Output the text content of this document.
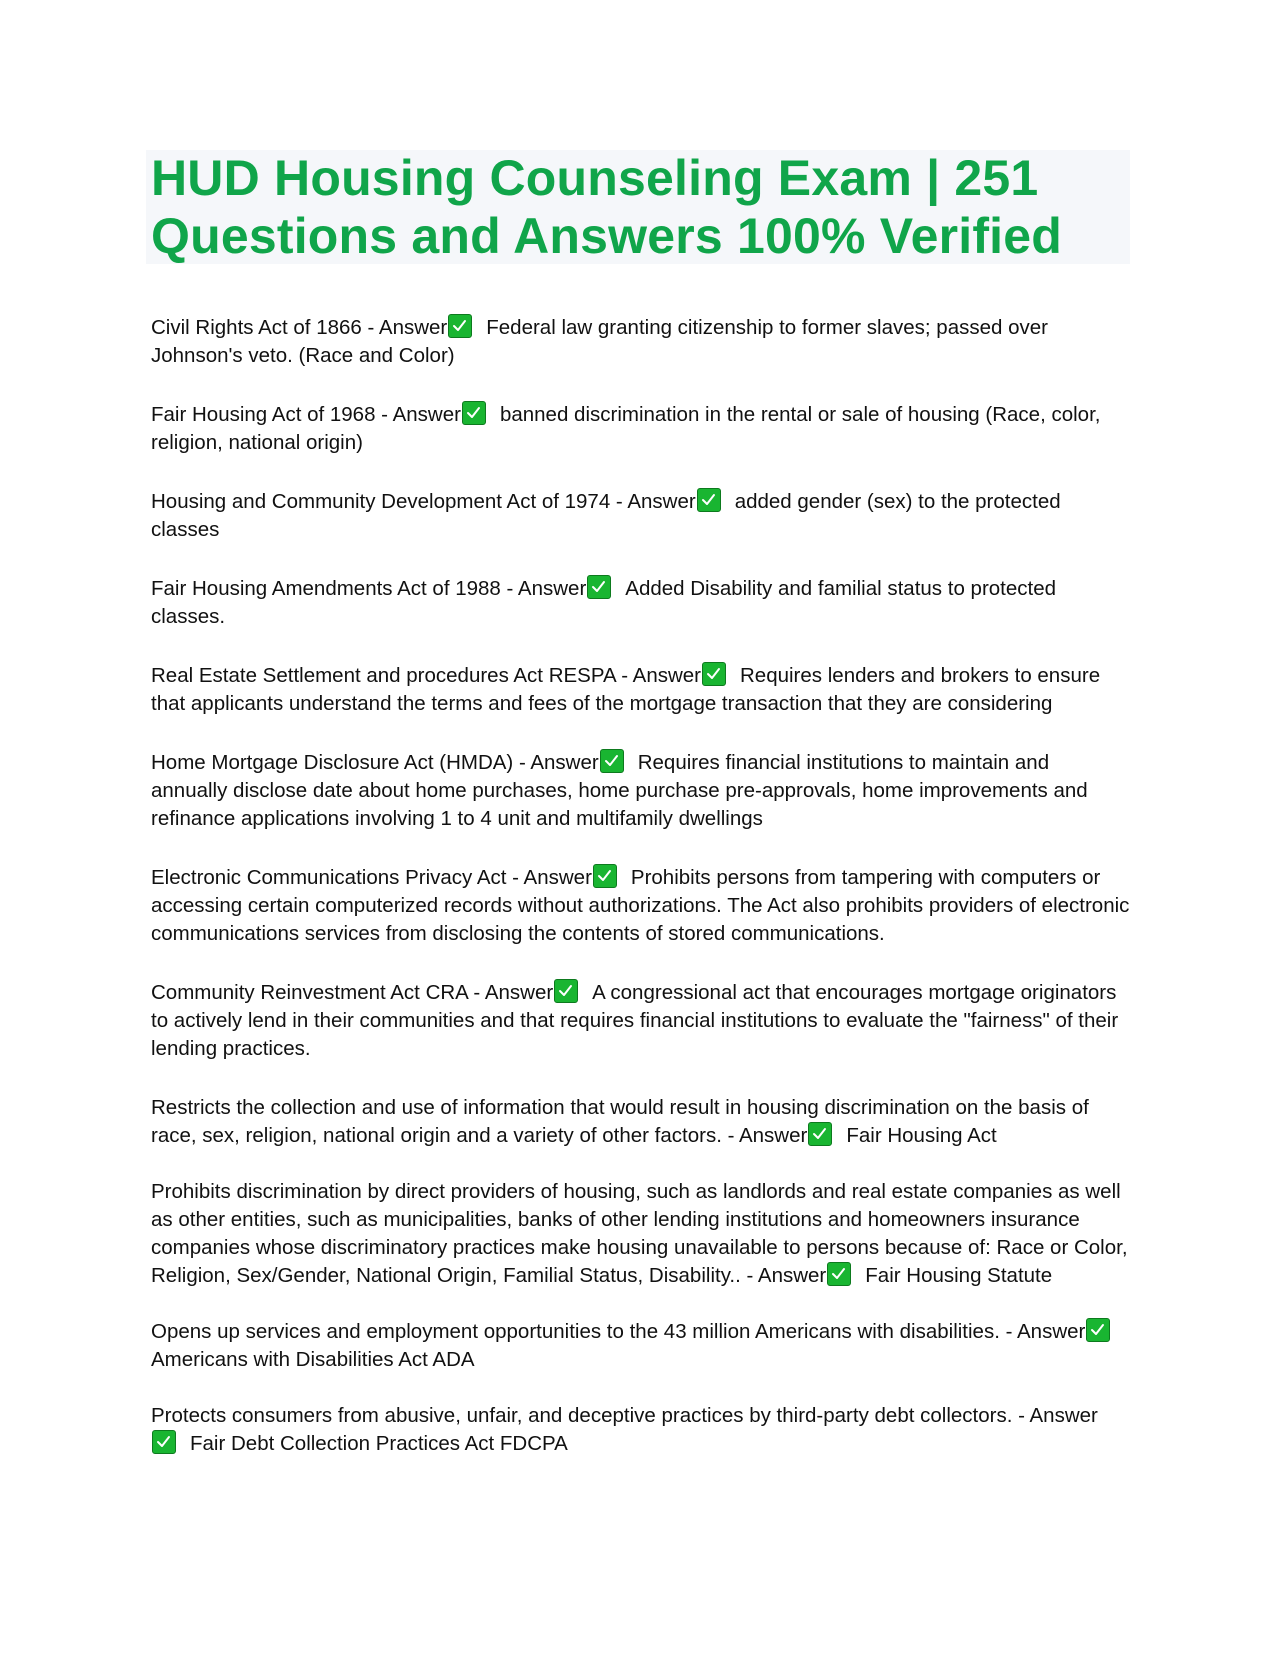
HUD Housing Counseling Exam | 251 Questions and Answers 100% Verified

Civil Rights Act of 1866 - Answer Federal law granting citizenship to former slaves; passed over Johnson's veto. (Race and Color)

Fair Housing Act of 1968 - Answer banned discrimination in the rental or sale of housing (Race, color, religion, national origin)

Housing and Community Development Act of 1974 - Answer added gender (sex) to the protected classes

Fair Housing Amendments Act of 1988 - Answer Added Disability and familial status to protected classes.

Real Estate Settlement and procedures Act RESPA - Answer Requires lenders and brokers to ensure that applicants understand the terms and fees of the mortgage transaction that they are considering

Home Mortgage Disclosure Act (HMDA) - Answer Requires financial institutions to maintain and annually disclose date about home purchases, home purchase pre-approvals, home improvements and refinance applications involving 1 to 4 unit and multifamily dwellings

Electronic Communications Privacy Act - Answer Prohibits persons from tampering with computers or accessing certain computerized records without authorizations. The Act also prohibits providers of electronic communications services from disclosing the contents of stored communications.

Community Reinvestment Act CRA - Answer A congressional act that encourages mortgage originators to actively lend in their communities and that requires financial institutions to evaluate the "fairness" of their lending practices.

Restricts the collection and use of information that would result in housing discrimination on the basis of race, sex, religion, national origin and a variety of other factors. - Answer Fair Housing Act

Prohibits discrimination by direct providers of housing, such as landlords and real estate companies as well as other entities, such as municipalities, banks of other lending institutions and homeowners insurance companies whose discriminatory practices make housing unavailable to persons because of: Race or Color, Religion, Sex/Gender, National Origin, Familial Status, Disability.. - Answer Fair Housing Statute

Opens up services and employment opportunities to the 43 million Americans with disabilities. - Answer
Americans with Disabilities Act ADA

Protects consumers from abusive, unfair, and deceptive practices by third-party debt collectors. - Answer
Fair Debt Collection Practices Act FDCPA
